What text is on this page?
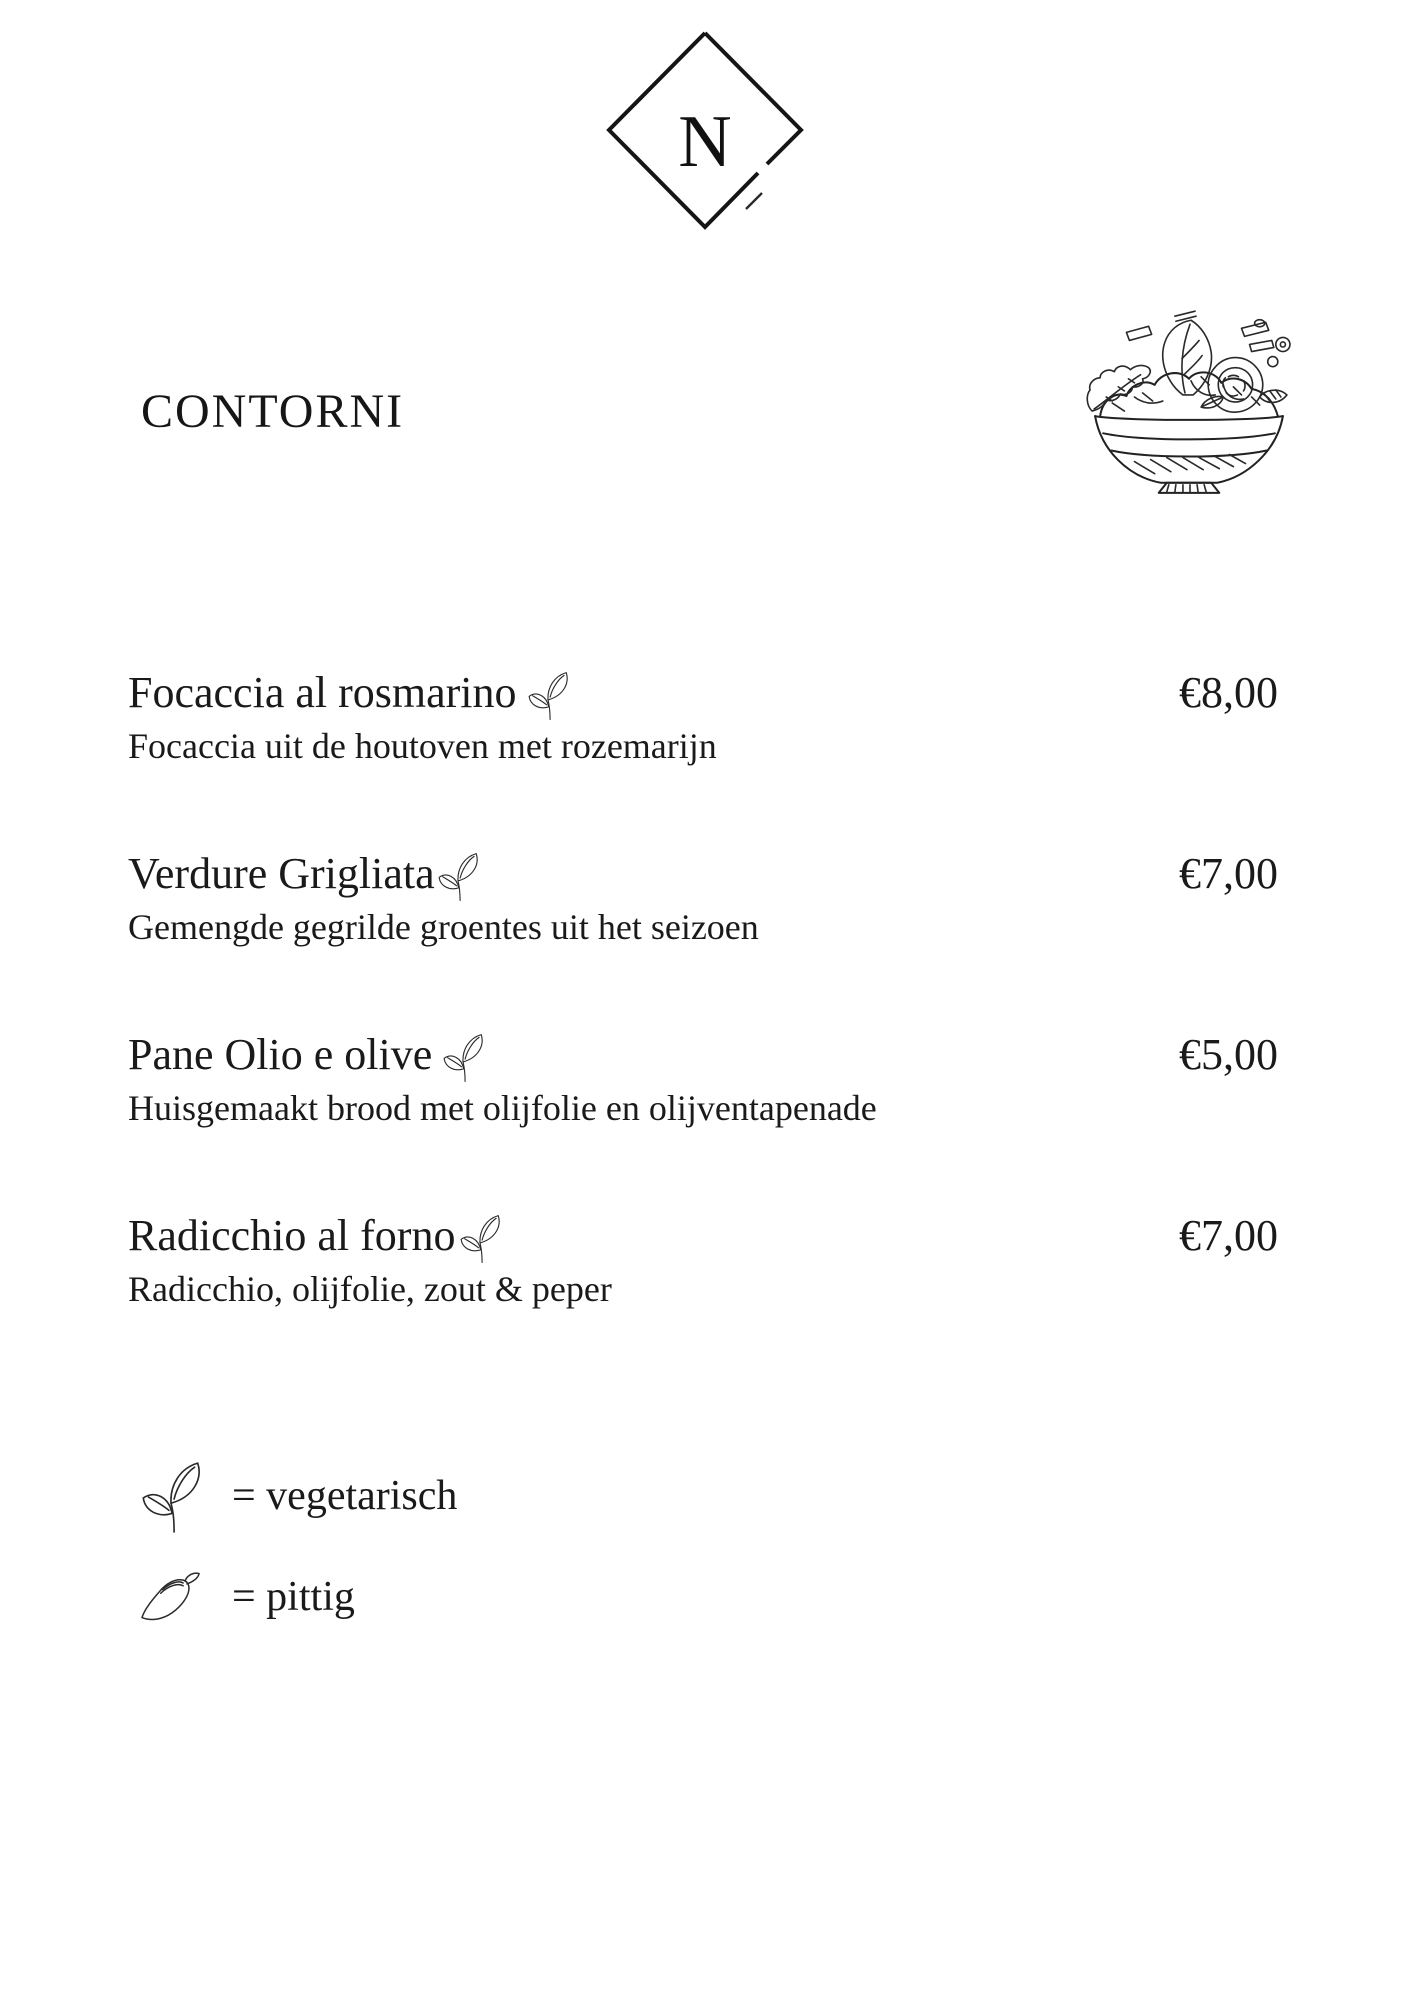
N
CONTORNI
Focaccia al rosmarino	€8,00
Focaccia uit de houtoven met rozemarijn
Verdure Grigliata	€7,00
Gemengde gegrilde groentes uit het seizoen
Pane Olio e olive	€5,00
Huisgemaakt brood met olijfolie en olijventapenade
Radicchio al forno	€7,00
Radicchio, olijfolie, zout & peper
= vegetarisch
= pittig
